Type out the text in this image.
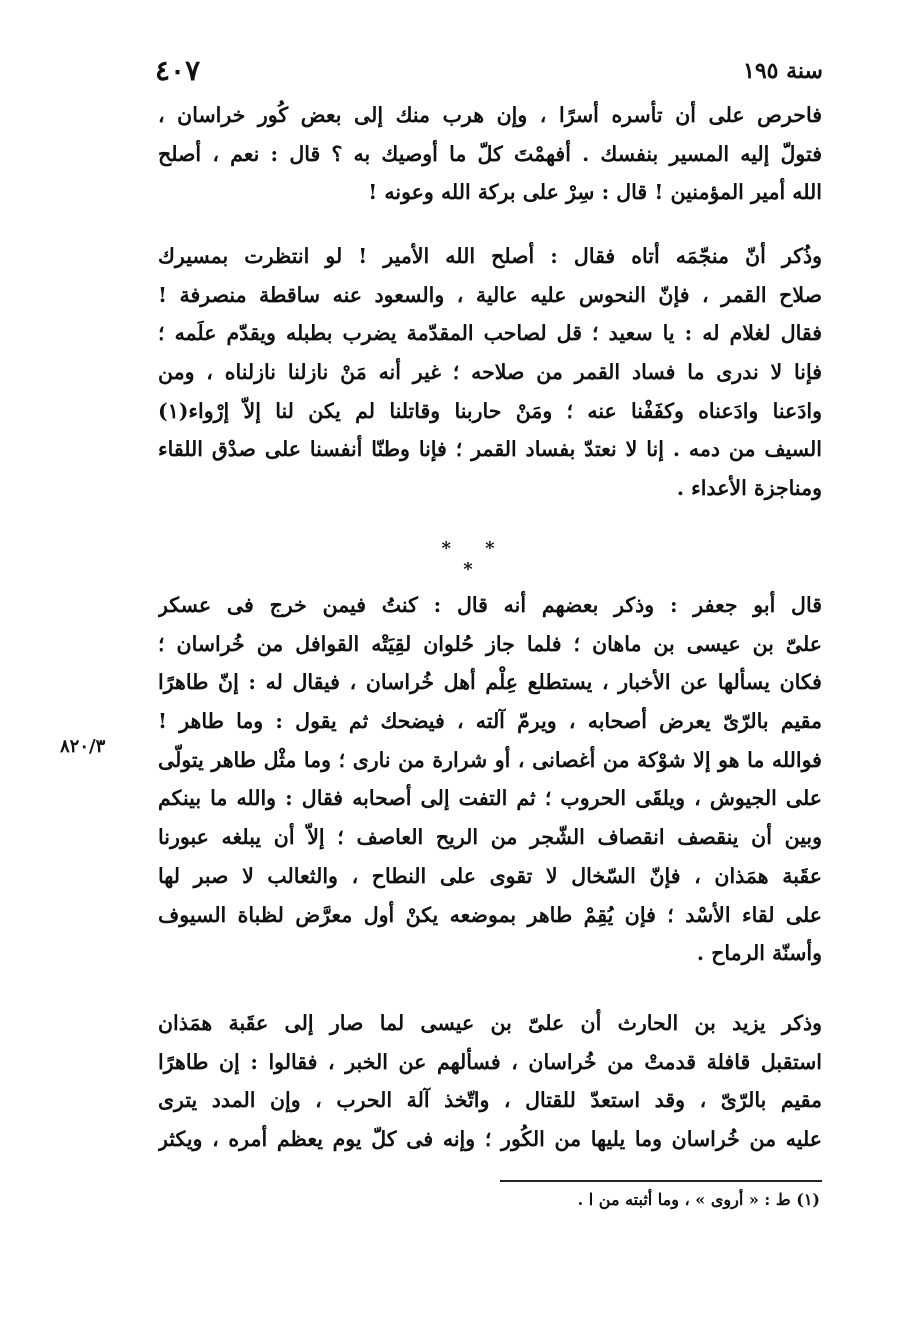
سنة ١٩٥
٤٠٧
فاحرص على أن تأسره أسرًا ، وإن هرب منك إلى بعض كُور خراسان ،
فتولّ إليه المسير بنفسك . أفهمْتَ كلّ ما أوصيك به ؟ قال : نعم ، أصلح
الله أمير المؤمنين ! قال : سِرْ على بركة الله وعونه !
وذُكر أنّ منجّمَه أتاه فقال : أصلح الله الأمير ! لو انتظرت بمسيرك
صلاح القمر ، فإنّ النحوس عليه عالية ، والسعود عنه ساقطة منصرفة !
فقال لغلام له : يا سعيد ؛ قل لصاحب المقدّمة يضرب بطبله ويقدّم علَمه ؛
فإنا لا ندرى ما فساد القمر من صلاحه ؛ غير أنه مَنْ نازلنا نازلناه ، ومن
وادَعنا وادَعناه وكفَفْنا عنه ؛ ومَنْ حاربنا وقاتلنا لم يكن لنا إلاّ إرْواء(١)
السيف من دمه . إنا لا نعتدّ بفساد القمر ؛ فإنا وطنّا أنفسنا على صدْق اللقاء
ومناجزة الأعداء .
* * *
قال أبو جعفر : وذكر بعضهم أنه قال : كنتُ فيمن خرج فى عسكر
علىّ بن عيسى بن ماهان ؛ فلما جاز حُلوان لقِيَتْه القوافل من خُراسان ؛
فكان يسألها عن الأخبار ، يستطلع عِلْم أهل خُراسان ، فيقال له : إنّ طاهرًا
مقيم بالرّىّ يعرض أصحابه ، ويرمّ آلته ، فيضحك ثم يقول : وما طاهر !
فوالله ما هو إلا شوْكة من أغصانى ، أو شرارة من نارى ؛ وما مثْل طاهر يتولّى
على الجيوش ، ويلقَى الحروب ؛ ثم التفت إلى أصحابه فقال : والله ما بينكم
وبين أن ينقصف انقصاف الشّجر من الريح العاصف ؛ إلاّ أن يبلغه عبورنا
عقَبة همَذان ، فإنّ السّخال لا تقوى على النطاح ، والثعالب لا صبر لها
على لقاء الأسْد ؛ فإن يُقِمْ طاهر بموضعه يكنْ أول معرَّض لظباة السيوف
وأسنّة الرماح .
وذكر يزيد بن الحارث أن علىّ بن عيسى لما صار إلى عقَبة همَذان
استقبل قافلة قدمتْ من خُراسان ، فسألهم عن الخبر ، فقالوا : إن طاهرًا
مقيم بالرّىّ ، وقد استعدّ للقتال ، واتّخذ آلة الحرب ، وإن المدد يترى
عليه من خُراسان وما يليها من الكُور ؛ وإنه فى كلّ يوم يعظم أمره ، ويكثر
٨٢٠/٣
(١) ط : « أروى » ، وما أثبته من ا .
